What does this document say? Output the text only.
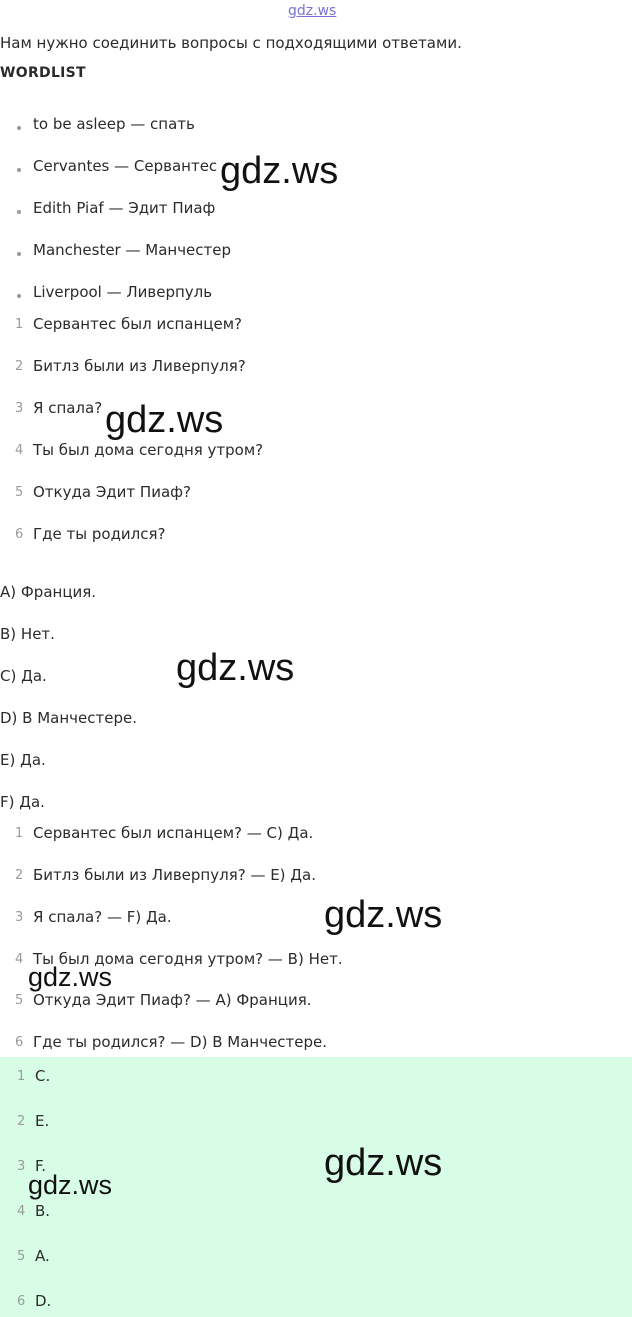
gdz.ws
Нам нужно соединить вопросы с подходящими ответами.
WORDLIST
to be asleep — спать
Cervantes — Сервантес
Edith Piaf — Эдит Пиаф
Manchester — Манчестер
Liverpool — Ливерпуль
1 Сервантес был испанцем?
2 Битлз были из Ливерпуля?
3 Я спала?
4 Ты был дома сегодня утром?
5 Откуда Эдит Пиаф?
6 Где ты родился?
A) Франция.
B) Нет.
C) Да.
D) В Манчестере.
E) Да.
F) Да.
1 Сервантес был испанцем? — C) Да.
2 Битлз были из Ливерпуля? — E) Да.
3 Я спала? — F) Да.
4 Ты был дома сегодня утром? — B) Нет.
5 Откуда Эдит Пиаф? — A) Франция.
6 Где ты родился? — D) В Манчестере.
1 C.
2 E.
3 F.
4 B.
5 A.
6 D.
gdz.ws
gdz.ws
gdz.ws
gdz.ws
gdz.ws
gdz.ws
gdz.ws
